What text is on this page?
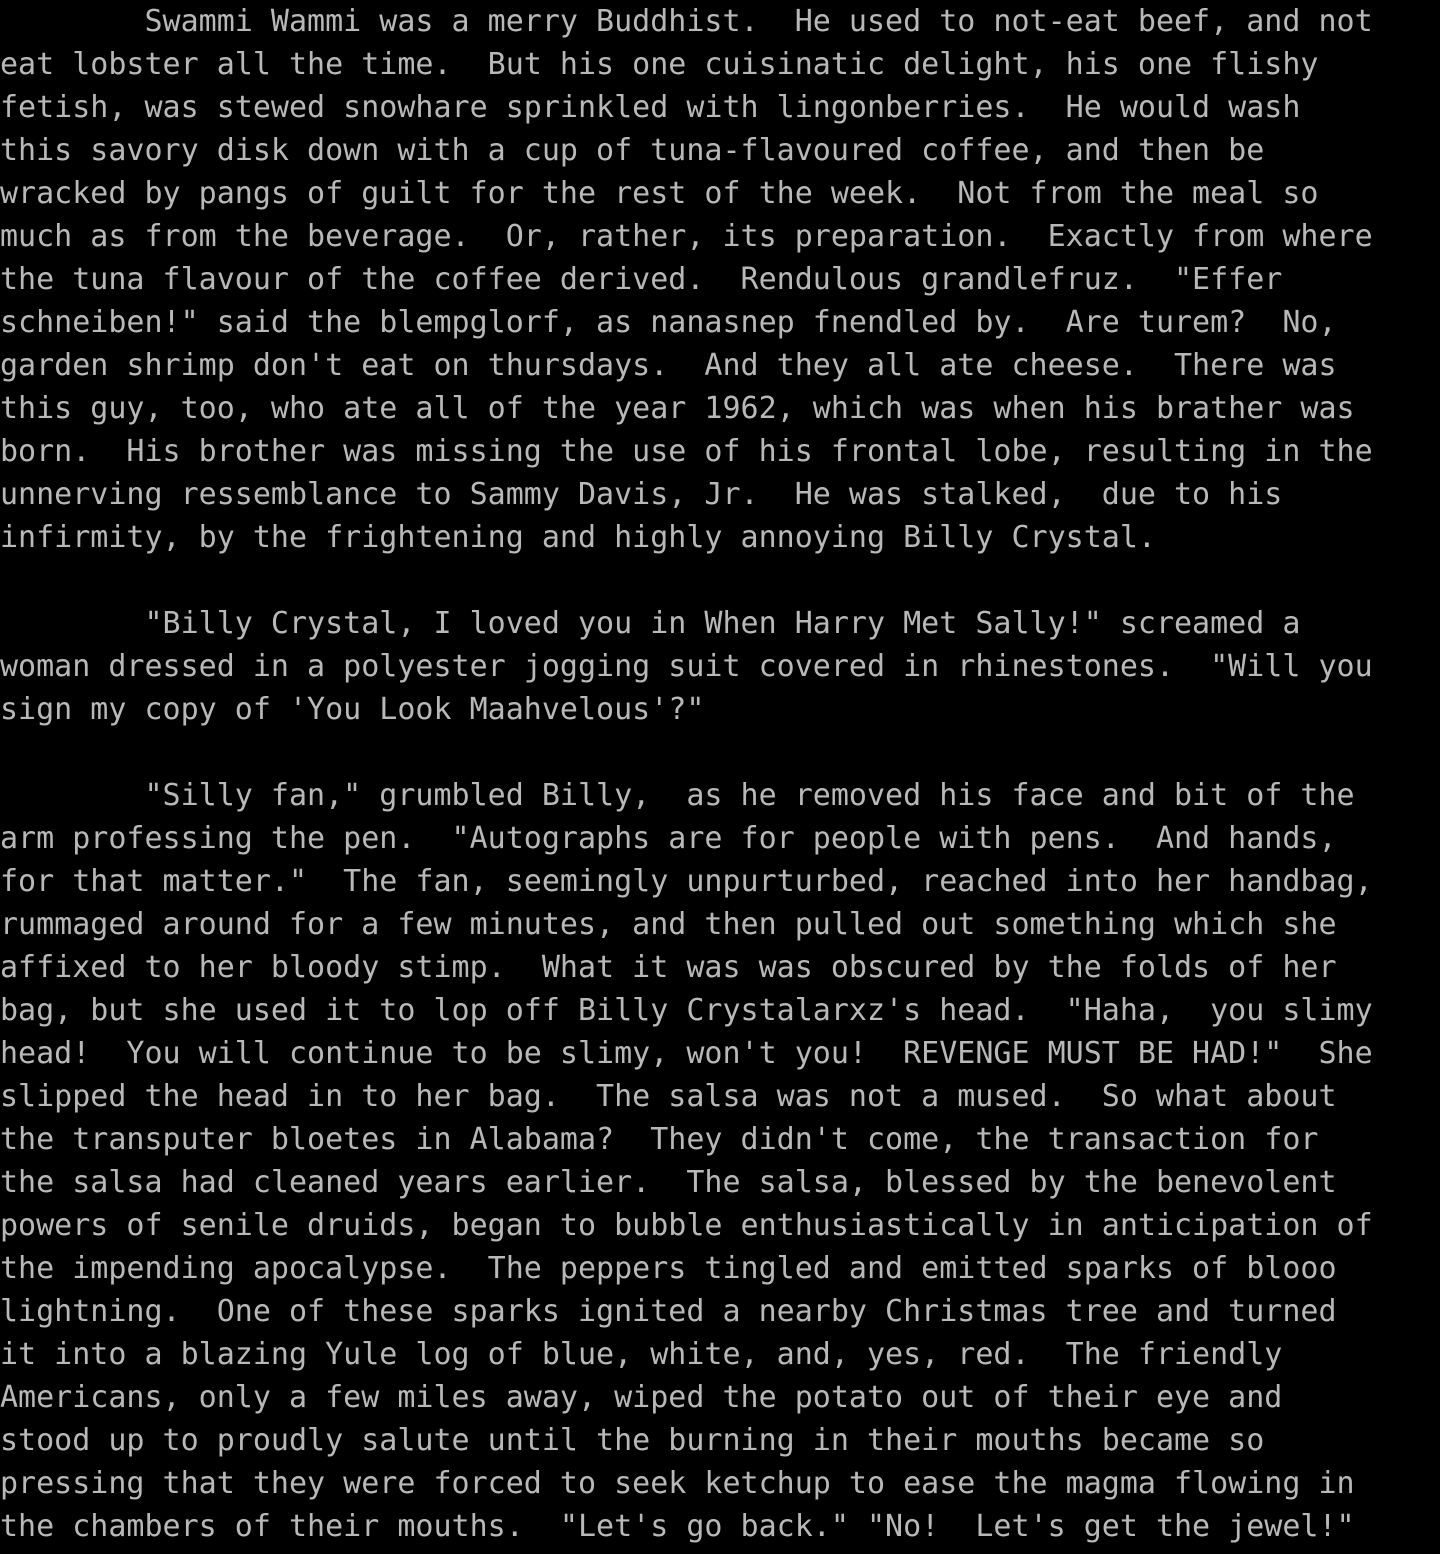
Swammi Wammi was a merry Buddhist.  He used to not-eat beef, and not
eat lobster all the time.  But his one cuisinatic delight, his one flishy
fetish, was stewed snowhare sprinkled with lingonberries.  He would wash
this savory disk down with a cup of tuna-flavoured coffee, and then be
wracked by pangs of guilt for the rest of the week.  Not from the meal so
much as from the beverage.  Or, rather, its preparation.  Exactly from where
the tuna flavour of the coffee derived.  Rendulous grandlefruz.  "Effer
schneiben!" said the blempglorf, as nanasnep fnendled by.  Are turem?  No,
garden shrimp don't eat on thursdays.  And they all ate cheese.  There was
this guy, too, who ate all of the year 1962, which was when his brather was
born.  His brother was missing the use of his frontal lobe, resulting in the
unnerving ressemblance to Sammy Davis, Jr.  He was stalked,  due to his
infirmity, by the frightening and highly annoying Billy Crystal.
"Billy Crystal, I loved you in When Harry Met Sally!" screamed a
woman dressed in a polyester jogging suit covered in rhinestones.  "Will you
sign my copy of 'You Look Maahvelous'?"
"Silly fan," grumbled Billy,  as he removed his face and bit of the
arm professing the pen.  "Autographs are for people with pens.  And hands,
for that matter."  The fan, seemingly unpurturbed, reached into her handbag,
rummaged around for a few minutes, and then pulled out something which she
affixed to her bloody stimp.  What it was was obscured by the folds of her
bag, but she used it to lop off Billy Crystalarxz's head.  "Haha,  you slimy
head!  You will continue to be slimy, won't you!  REVENGE MUST BE HAD!"  She
slipped the head in to her bag.  The salsa was not a mused.  So what about
the transputer bloetes in Alabama?  They didn't come, the transaction for
the salsa had cleaned years earlier.  The salsa, blessed by the benevolent
powers of senile druids, began to bubble enthusiastically in anticipation of
the impending apocalypse.  The peppers tingled and emitted sparks of blooo
lightning.  One of these sparks ignited a nearby Christmas tree and turned
it into a blazing Yule log of blue, white, and, yes, red.  The friendly
Americans, only a few miles away, wiped the potato out of their eye and
stood up to proudly salute until the burning in their mouths became so
pressing that they were forced to seek ketchup to ease the magma flowing in
the chambers of their mouths.  "Let's go back." "No!  Let's get the jewel!"
